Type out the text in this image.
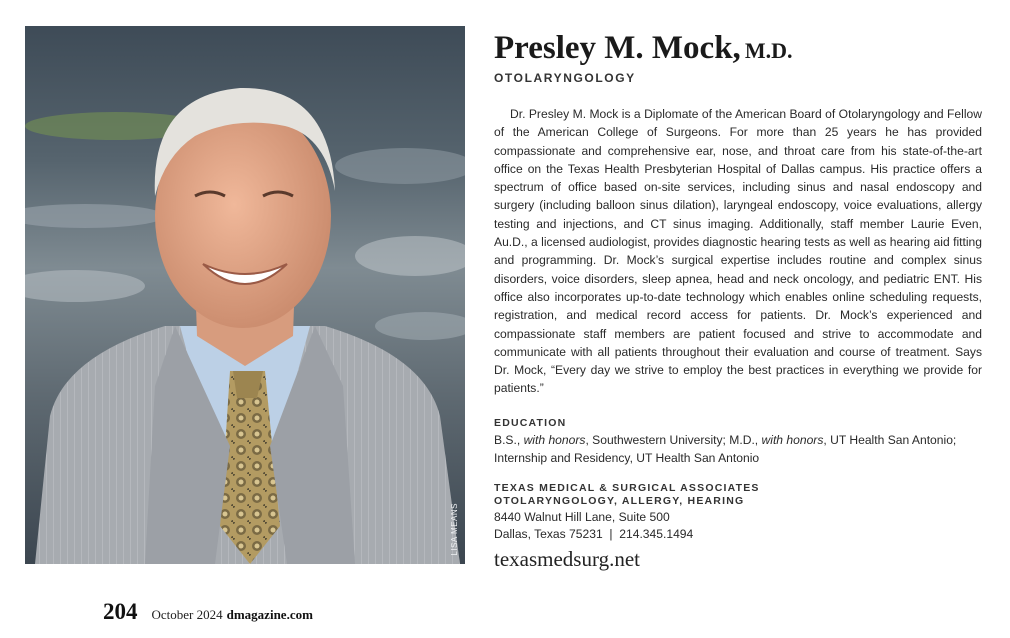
LISA MEANS
Presley M. Mock, M.D.
OTOLARYNGOLOGY

Dr. Presley M. Mock is a Diplomate of the American Board of Otolaryngology and Fellow of the American College of Surgeons. For more than 25 years he has provided compassionate and comprehensive ear, nose, and throat care from his state-of-the-art office on the Texas Health Presbyterian Hospital of Dallas campus. His practice offers a spectrum of office based on-site services, including sinus and nasal endoscopy and surgery (including balloon sinus dilation), laryngeal endoscopy, voice evaluations, allergy testing and injections, and CT sinus imaging. Additionally, staff member Laurie Even, Au.D., a licensed audiologist, provides diagnostic hearing tests as well as hearing aid fitting and programming. Dr. Mock’s surgical expertise includes routine and complex sinus disorders, voice disorders, sleep apnea, head and neck oncology, and pediatric ENT. His office also incorporates up-to-date technology which enables online scheduling requests, registration, and medical record access for patients. Dr. Mock’s experienced and compassionate staff members are patient focused and strive to accommodate and communicate with all patients throughout their evaluation and course of treatment. Says Dr. Mock, “Every day we strive to employ the best practices in everything we provide for patients.”

EDUCATION
B.S., with honors, Southwestern University; M.D., with honors, UT Health San Antonio; Internship and Residency, UT Health San Antonio
TEXAS MEDICAL & SURGICAL ASSOCIATES
OTOLARYNGOLOGY, ALLERGY, HEARING
8440 Walnut Hill Lane, Suite 500
Dallas, Texas 75231  |  214.345.1494
texasmedsurg.net
204 October 2024 dmagazine.com
